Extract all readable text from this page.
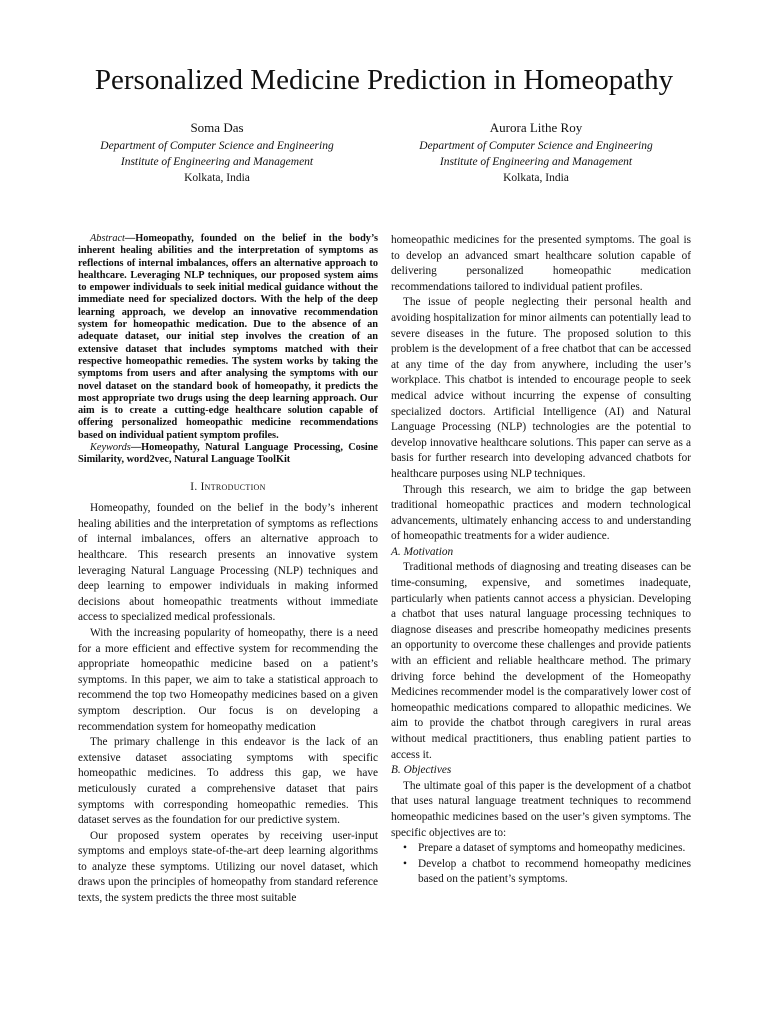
Personalized Medicine Prediction in Homeopathy
Soma Das
Department of Computer Science and Engineering
Institute of Engineering and Management
Kolkata, India
Aurora Lithe Roy
Department of Computer Science and Engineering
Institute of Engineering and Management
Kolkata, India

Abstract—Homeopathy, founded on the belief in the body’s inherent healing abilities and the interpretation of symptoms as reflections of internal imbalances, offers an alternative approach to healthcare. Leveraging NLP techniques, our proposed system aims to empower individuals to seek initial medical guidance without the immediate need for specialized doctors. With the help of the deep learning approach, we develop an innovative recommendation system for homeopathic medication. Due to the absence of an adequate dataset, our initial step involves the creation of an extensive dataset that includes symptoms matched with their respective homeopathic remedies. The system works by taking the symptoms from users and after analysing the symptoms with our novel dataset on the standard book of homeopathy, it predicts the most appropriate two drugs using the deep learning approach. Our aim is to create a cutting-edge healthcare solution capable of offering personalized homeopathic medicine recommendations based on individual patient symptom profiles.

Keywords—Homeopathy, Natural Language Processing, Cosine Similarity, word2vec, Natural Language ToolKit

I. Introduction

Homeopathy, founded on the belief in the body’s inherent healing abilities and the interpretation of symptoms as reflections of internal imbalances, offers an alternative approach to healthcare. This research presents an innovative system leveraging Natural Language Processing (NLP) techniques and deep learning to empower individuals in making informed decisions about homeopathic treatments without immediate access to specialized medical professionals.

With the increasing popularity of homeopathy, there is a need for a more efficient and effective system for recommending the appropriate homeopathic medicine based on a patient’s symptoms. In this paper, we aim to take a statistical approach to recommend the top two Homeopathy medicines based on a given symptom description. Our focus is on developing a recommendation system for homeopathy medication

The primary challenge in this endeavor is the lack of an extensive dataset associating symptoms with specific homeopathic medicines. To address this gap, we have meticulously curated a comprehensive dataset that pairs symptoms with corresponding homeopathic remedies. This dataset serves as the foundation for our predictive system.

Our proposed system operates by receiving user-input symptoms and employs state-of-the-art deep learning algorithms to analyze these symptoms. Utilizing our novel dataset, which draws upon the principles of homeopathy from standard reference texts, the system predicts the three most suitable

homeopathic medicines for the presented symptoms. The goal is to develop an advanced smart healthcare solution capable of delivering personalized homeopathic medication recommendations tailored to individual patient profiles.

The issue of people neglecting their personal health and avoiding hospitalization for minor ailments can potentially lead to severe diseases in the future. The proposed solution to this problem is the development of a free chatbot that can be accessed at any time of the day from anywhere, including the user’s workplace. This chatbot is intended to encourage people to seek medical advice without incurring the expense of consulting specialized doctors. Artificial Intelligence (AI) and Natural Language Processing (NLP) technologies are the potential to develop innovative healthcare solutions. This paper can serve as a basis for further research into developing advanced chatbots for healthcare purposes using NLP techniques.

Through this research, we aim to bridge the gap between traditional homeopathic practices and modern technological advancements, ultimately enhancing access to and understanding of homeopathic treatments for a wider audience.

A. Motivation

Traditional methods of diagnosing and treating diseases can be time-consuming, expensive, and sometimes inadequate, particularly when patients cannot access a physician. Developing a chatbot that uses natural language processing techniques to diagnose diseases and prescribe homeopathy medicines presents an opportunity to overcome these challenges and provide patients with an efficient and reliable healthcare method. The primary driving force behind the development of the Homeopathy Medicines recommender model is the comparatively lower cost of homeopathic medications compared to allopathic medicines. We aim to provide the chatbot through caregivers in rural areas without medical practitioners, thus enabling patient parties to access it.

B. Objectives

The ultimate goal of this paper is the development of a chatbot that uses natural language treatment techniques to recommend homeopathic medicines based on the user’s given symptoms. The specific objectives are to:

• Prepare a dataset of symptoms and homeopathy medicines.
• Develop a chatbot to recommend homeopathy medicines based on the patient’s symptoms.
